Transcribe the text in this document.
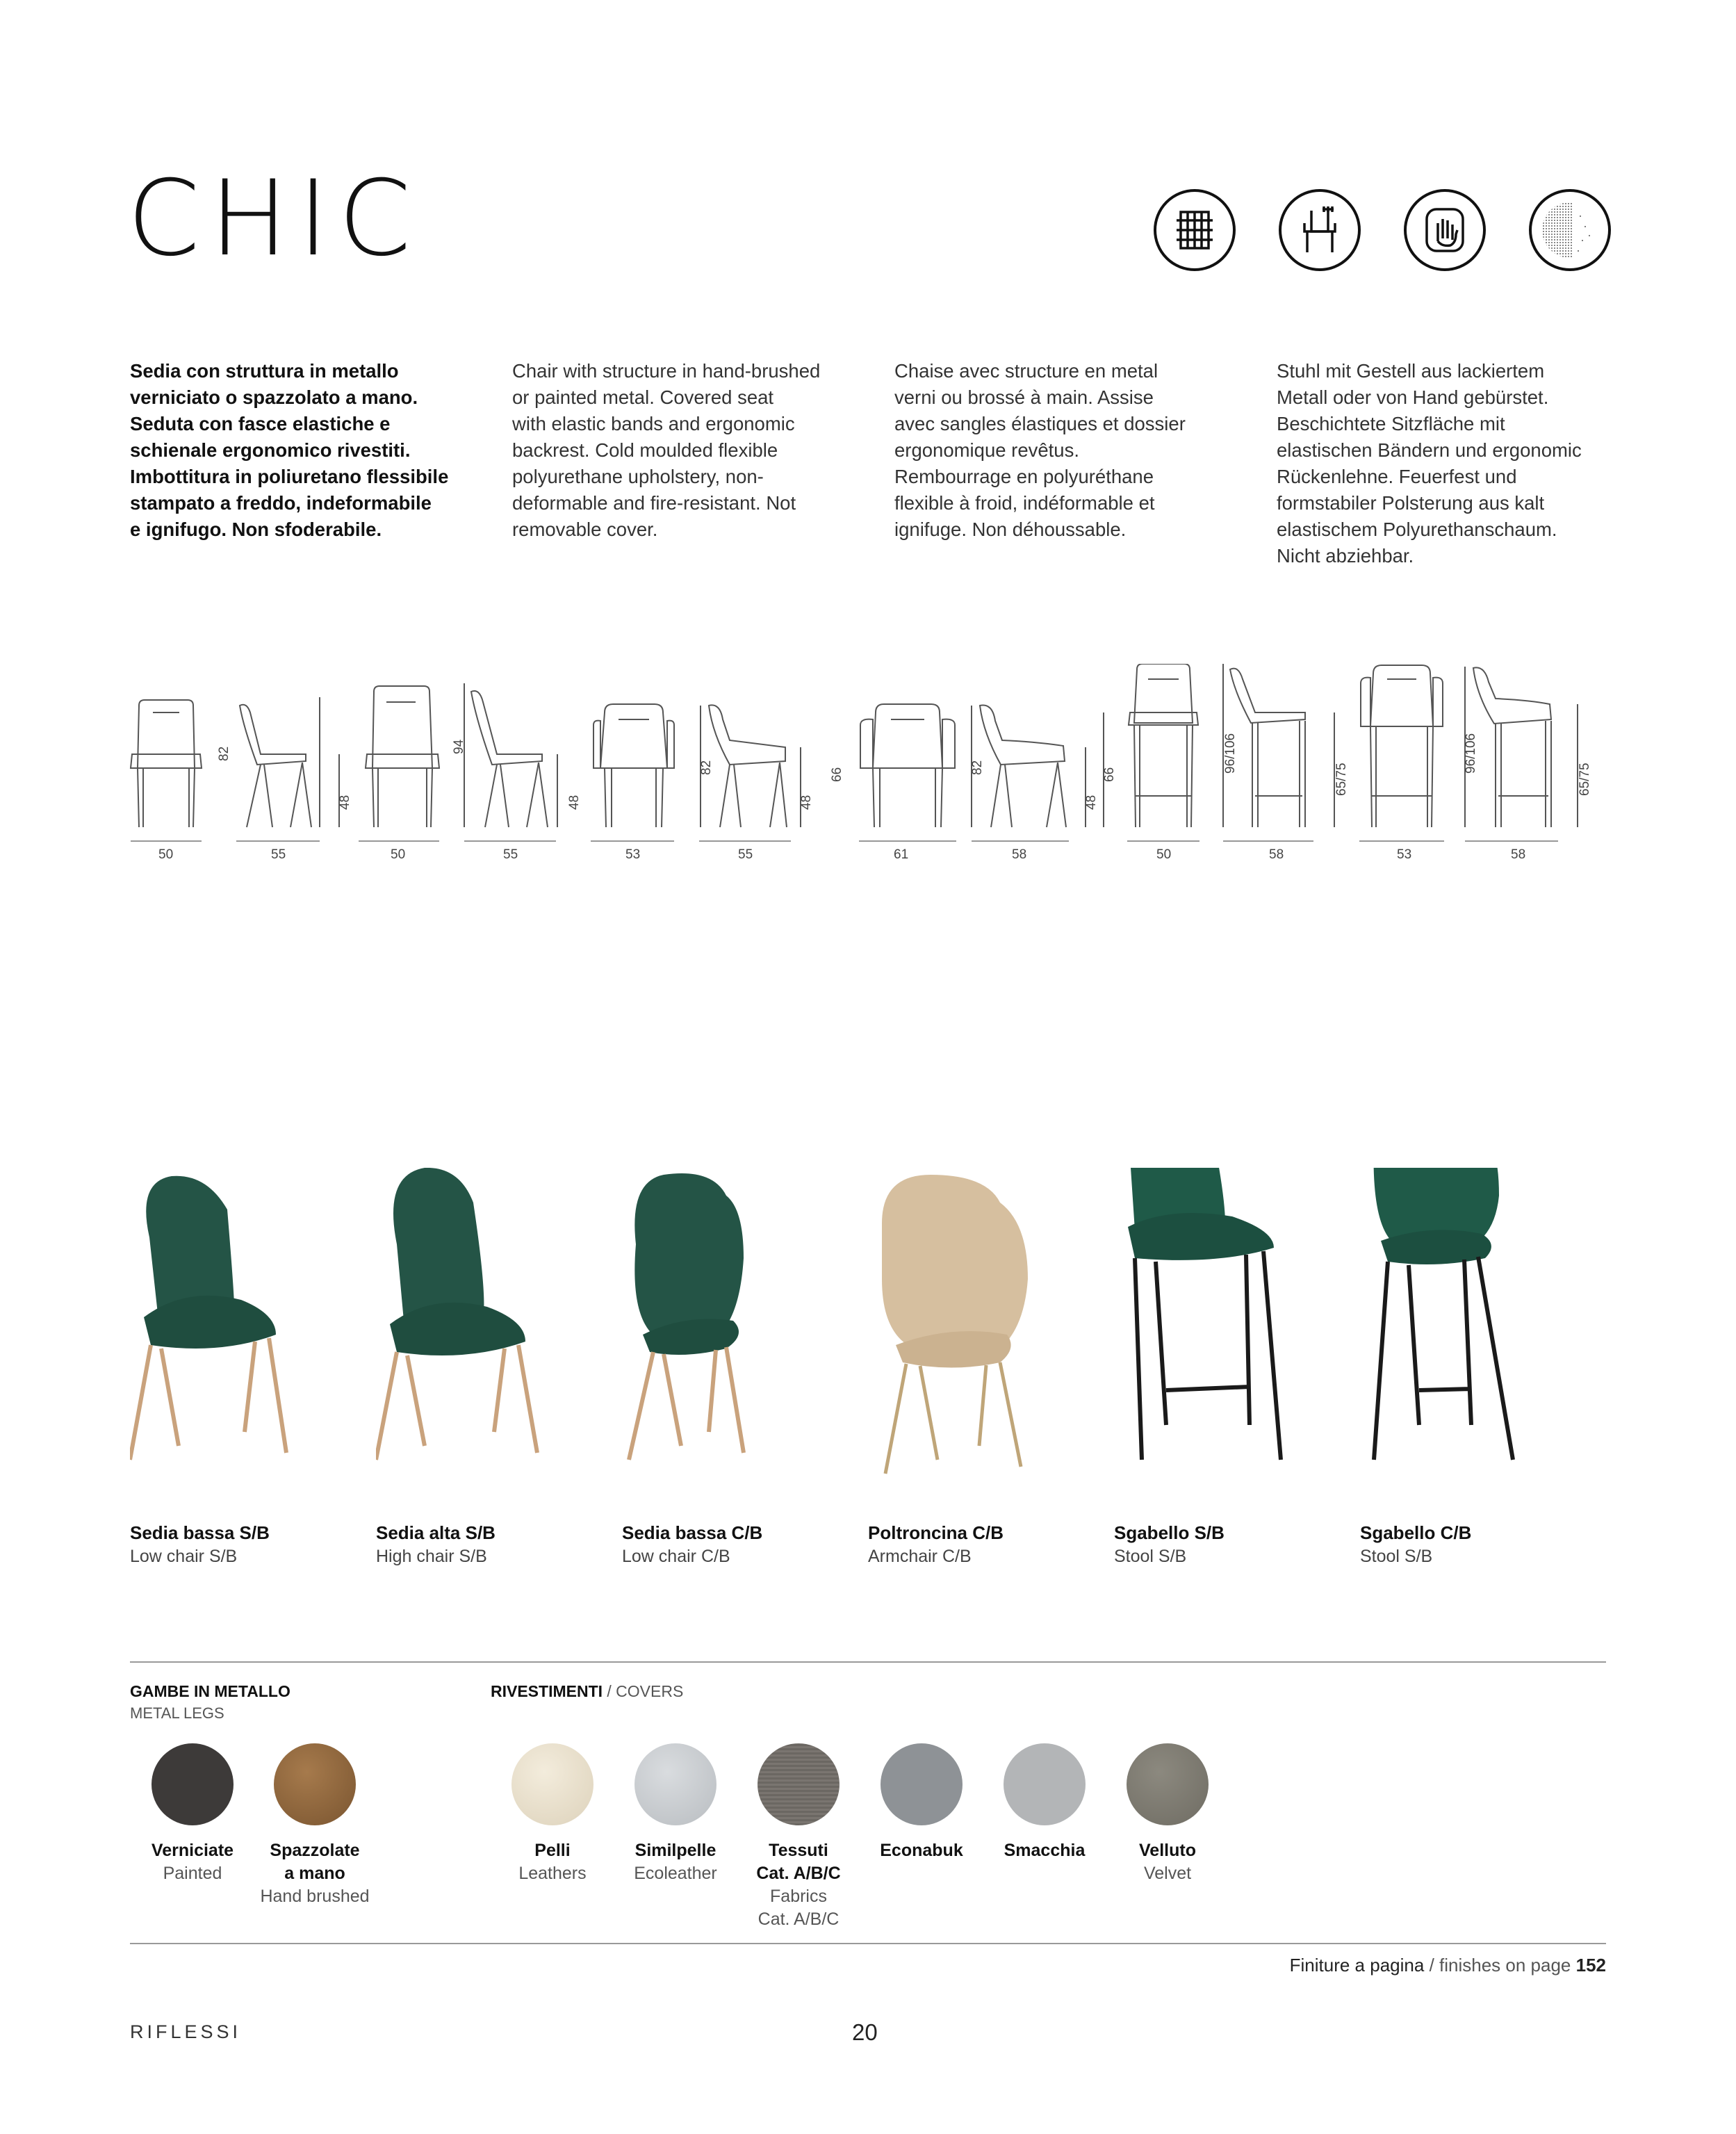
CHIC
Sedia con struttura in metallo
verniciato o spazzolato a mano.
Seduta con fasce elastiche e
schienale ergonomico rivestiti.
Imbottitura in poliuretano flessibile
stampato a freddo, indeformabile
e ignifugo. Non sfoderabile.
Chair with structure in hand-brushed
or painted metal. Covered seat
with elastic bands and ergonomic
backrest. Cold moulded flexible
polyurethane upholstery, non-
deformable and fire-resistant. Not
removable cover.
Chaise avec structure en metal
verni ou brossé à main. Assise
avec sangles élastiques et dossier
ergonomique revêtus.
Rembourrage en polyuréthane
flexible à froid, indéformable et
ignifuge. Non déhoussable.
Stuhl mit Gestell aus lackiertem
Metall oder von Hand gebürstet.
Beschichtete Sitzfläche mit
elastischen Bändern und ergonomic
Rückenlehne. Feuerfest und
formstabiler Polsterung aus kalt
elastischem Polyurethanschaum.
Nicht abziehbar.
82
48
94
48
82
48
66	82
48
66
96/106
65/75
96/106
65/75
50	55	50	55	53	55	61	58	50	58	53	58
Sedia bassa S/B
Low chair S/B
Sedia alta S/B
High chair S/B
Sedia bassa C/B
Low chair C/B
Poltroncina C/B
Armchair C/B
Sgabello S/B
Stool S/B
Sgabello C/B
Stool S/B
GAMBE IN METALLO
METAL LEGS
Verniciate
Painted
Spazzolate
a mano
Hand brushed
RIVESTIMENTI / COVERS
Pelli
Leathers
Similpelle
Ecoleather
Tessuti
Cat. A/B/C
Fabrics
Cat. A/B/C
Econabuk	Smacchia	Velluto
Velvet
Finiture a pagina / finishes on page 152
RIFLESSI	20
